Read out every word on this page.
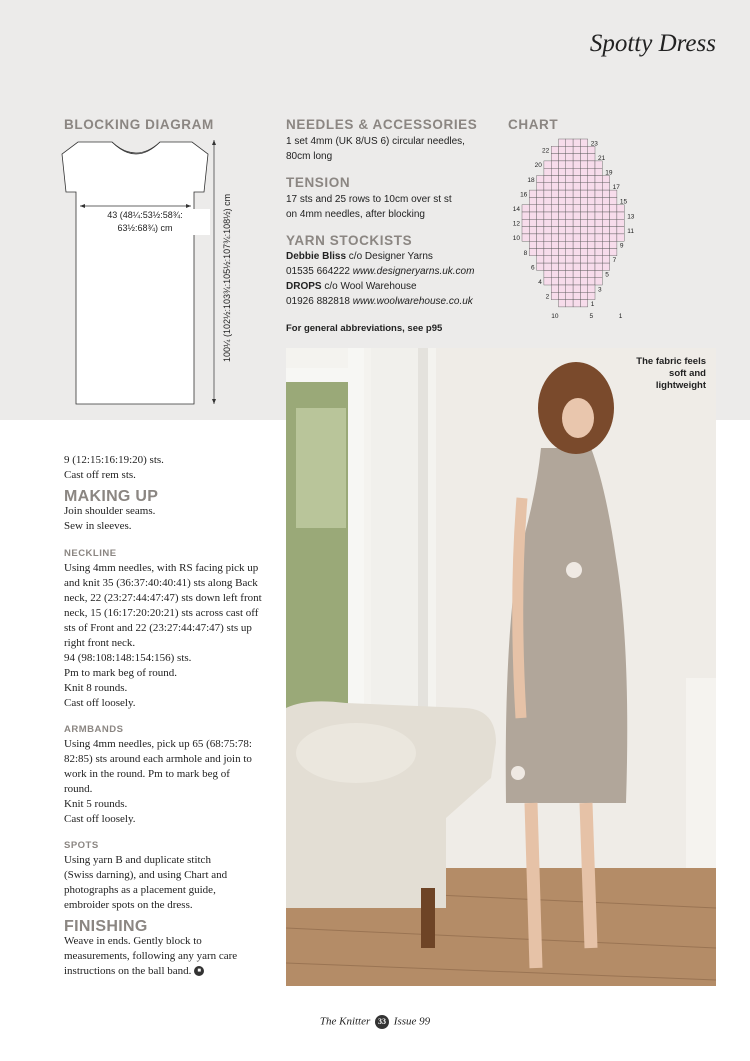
Spotty Dress
BLOCKING DIAGRAM
43 (48¼:53½:58¾:
63½:68¾) cm	100¼ (102½:103¾:105½:107¾:108½) cm
NEEDLES & ACCESSORIES
1 set 4mm (UK 8/US 6) circular needles,
80cm long
TENSION
17 sts and 25 rows to 10cm over st st
on 4mm needles, after blocking
YARN STOCKISTS
Debbie Bliss c/o Designer Yarns
01535 664222 www.designeryarns.uk.com
DROPS c/o Wool Warehouse
01926 882818 www.woolwarehouse.co.uk
For general abbreviations, see p95
CHART
23
21
19
17
15
13
11
9
7
5
3
1
22
20
18
16
14
12
10
8
6
4
2
10	5	1
The fabric feels
soft and
lightweight

9 (12:15:16:19:20) sts.

Cast off rem sts.

MAKING UP

Join shoulder seams.

Sew in sleeves.

NECKLINE

Using 4mm needles, with RS facing pick up

and knit 35 (36:37:40:40:41) sts along Back

neck, 22 (23:27:44:47:47) sts down left front

neck, 15 (16:17:20:20:21) sts across cast off

sts of Front and 22 (23:27:44:47:47) sts up

right front neck.

94 (98:108:148:154:156) sts.

Pm to mark beg of round.

Knit 8 rounds.

Cast off loosely.

ARMBANDS

Using 4mm needles, pick up 65 (68:75:78:

82:85) sts around each armhole and join to

work in the round. Pm to mark beg of

round.

Knit 5 rounds.

Cast off loosely.

SPOTS

Using yarn B and duplicate stitch

(Swiss darning), and using Chart and

photographs as a placement guide,

embroider spots on the dress.

FINISHING

Weave in ends. Gently block to

measurements, following any yarn care

instructions on the ball band. ■

The Knitter 33 Issue 99
